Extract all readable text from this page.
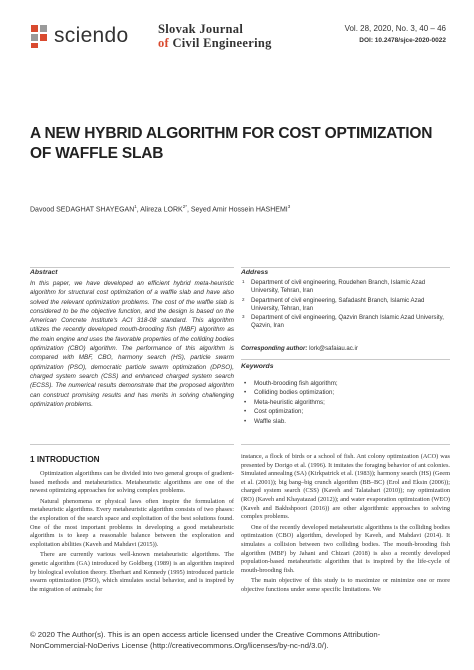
sciendo Slovak Journal
of Civil Engineering
Vol. 28, 2020, No. 3, 40 – 46
DOI: 10.2478/sjce-2020-0022
A NEW HYBRID ALGORITHM FOR COST OPTIMIZATION OF WAFFLE SLAB
Davood SEDAGHAT SHAYEGAN$^1$, Alireza $LORK^{2*}$, Seyed Amir Hossein HASHEMI$^3$
Abstract	Address
Keywords
In this paper, we have developed an efficient hybrid meta-heuristic algorithm for structural cost optimization of a waffle slab and have also solved the relevant optimization problems. The cost of the waffle slab is considered to be the objective function, and the design is based on the American Concrete Institute's ACI 318-08 standard. This algorithm utilizes the recently developed mouth-brooding fish (MBF) algorithm as the main engine and uses the favorable properties of the colliding bodies optimization (CBO) algorithm. The performance of this algorithm is compared with MBF, CBO, harmony search (HS), particle swarm optimization (PSO), democratic particle swarm optimization (DPSO), charged system search (CSS) and enhanced charged system search (ECSS). The numerical results demonstrate that the proposed algorithm can construct promising results and has merits in solving challenging optimization problems.
1 Department of civil engineering, Roudehen Branch, Islamic Azad University, Tehran, Iran
2 Department of civil engineering, Safadasht Branch, Islamic Azad University, Tehran, Iran
3 Department of civil engineering, Qazvin Branch Islamic Azad University, Qazvin, Iran
Corresponding author: lork@safaiau.ac.ir
• Mouth-brooding fish algorithm;
• Colliding bodies optimization;
• Meta-heuristic algorithms;
• Cost optimization;
• Waffle slab.
1 INTRODUCTION

Optimization algorithms can be divided into two general groups of gradient-based methods and metaheuristics. Metaheuristic algorithms are one of the newest optimizing approaches for solving complex problems.

Natural phenomena or physical laws often inspire the formulation of metaheuristic algorithms. Every metaheuristic algorithm consists of two phases: the exploration of the search space and exploitation of the best solutions found. One of the most important problems in developing a good metaheuristic algorithm is to keep a reasonable balance between the exploration and exploitation abilities (Kaveh and Mahdavi (2015)).

There are currently various well-known metaheuristic algorithms. The genetic algorithm (GA) introduced by Goldberg (1989) is an algorithm inspired by biological evolution theory. Eberhart and Kennedy (1995) introduced particle swarm optimization (PSO), which simulates social behavior, and is inspired by the migration of animals; for

instance, a flock of birds or a school of fish. Ant colony optimization (ACO) was presented by Dorigo et al. (1996). It imitates the foraging behavior of ant colonies. Simulated annealing (SA) (Kirkpatrick et al. (1983)); harmony search (HS) (Geem et al. (2001)); big bang–big crunch algorithm (BB–BC) (Erol and Eksin (2006)); charged system search (CSS) (Kaveh and Talatahari (2010)); ray optimization (RO) (Kaveh and Khayatazad (2012)); and water evaporation optimization (WEO) (Kaveh and Bakhshpoori (2016)) are other algorithmic approaches to solving complex problems.

One of the recently developed metaheuristic algorithms is the colliding bodies optimization (CBO) algorithm, developed by Kaveh, and Mahdavi (2014). It simulates a collision between two colliding bodies. The mouth-brooding fish algorithm (MBF) by Jahani and Chizari (2018) is also a recently developed population-based metaheuristic algorithm that is inspired by the life-cycle of mouth-brooding fish.

The main objective of this study is to maximize or minimize one or more objective functions under some specific limitations. We

© 2020 The Author(s). This is an open access article licensed under the Creative Commons Attribution-
NonCommercial-NoDerivs License (http://creativecommons.Org/licenses/by-nc-nd/3.0/).
